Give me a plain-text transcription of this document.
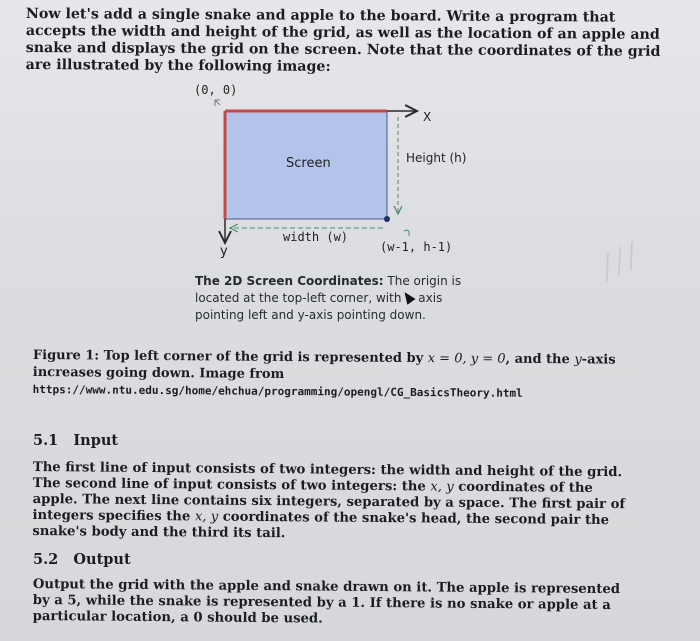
Now let's add a single snake and apple to the board. Write a program that accepts the width and height of the grid, as well as the location of an apple and snake and displays the grid on the screen. Note that the coordinates of the grid are illustrated by the following image:
(0, 0)
X
Screen	Height (h)
width (w)
y	(w-1, h-1)
The 2D Screen Coordinates: The origin is located at the top-left corner, with axis pointing left and y-axis pointing down.
╱╱╱
Figure 1: Top left corner of the grid is represented by x = 0, y = 0, and the y-axis increases going down. Image from https://www.ntu.edu.sg/home/ehchua/programming/opengl/CG_BasicsTheory.html
5.1 Input
The first line of input consists of two integers: the width and height of the grid. The second line of input consists of two integers: the x, y coordinates of the apple. The next line contains six integers, separated by a space. The first pair of integers specifies the x, y coordinates of the snake's head, the second pair the snake's body and the third its tail.
5.2 Output
Output the grid with the apple and snake drawn on it. The apple is represented by a 5, while the snake is represented by a 1. If there is no snake or apple at a particular location, a 0 should be used.
